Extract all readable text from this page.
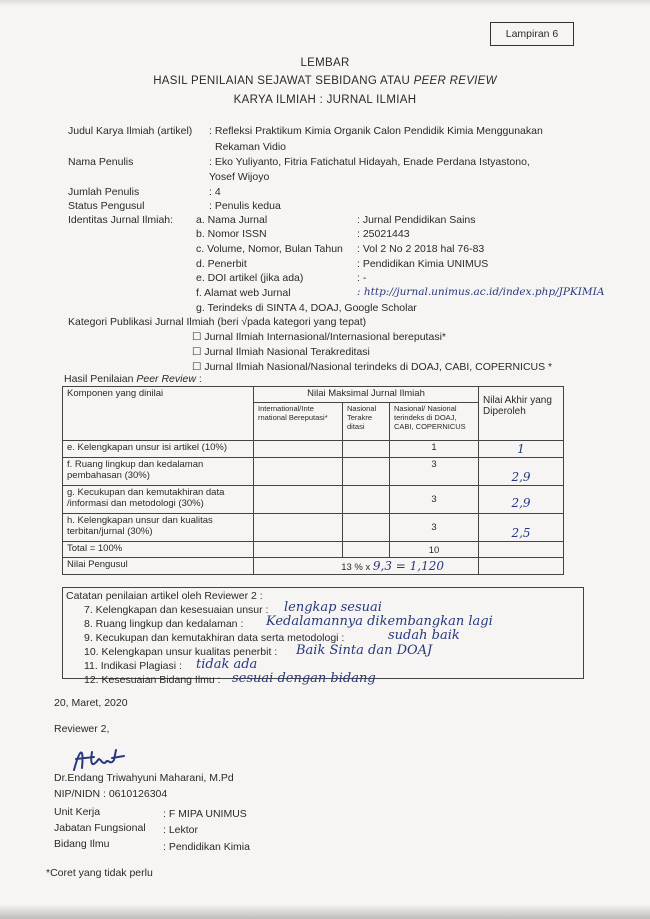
Lampiran 6
LEMBAR
HASIL PENILAIAN SEJAWAT SEBIDANG ATAU PEER REVIEW
KARYA ILMIAH : JURNAL ILMIAH
Judul Karya Ilmiah (artikel) : Refleksi Praktikum Kimia Organik Calon Pendidik Kimia Menggunakan
Rekaman Vidio
Nama Penulis	: Eko Yuliyanto, Fitria Fatichatul Hidayah, Enade Perdana Istyastono,
Yosef Wijoyo
Jumlah Penulis	: 4
Status Pengusul	: Penulis kedua
Identitas Jurnal Ilmiah: a. Nama Jurnal	: Jurnal Pendidikan Sains
b. Nomor ISSN	: 25021443
c. Volume, Nomor, Bulan Tahun : Vol 2 No 2 2018 hal 76-83
d. Penerbit	: Pendidikan Kimia UNIMUS
e. DOI artikel (jika ada)	: -
f. Alamat web Jurnal	: http://jurnal.unimus.ac.id/index.php/JPKIMIA
g. Terindeks di SINTA 4, DOAJ, Google Scholar
Kategori Publikasi Jurnal Ilmiah (beri √pada kategori yang tepat)
☐ Jurnal Ilmiah Internasional/Internasional bereputasi*
☐ Jurnal Ilmiah Nasional Terakreditasi
☐ Jurnal Ilmiah Nasional/Nasional terindeks di DOAJ, CABI, COPERNICUS *
Hasil Penilaian Peer Review :
Komponen yang dinilai	Nilai Maksimal Jurnal Ilmiah			Nilai Akhir yang Diperoleh
	International/Inte rnational Bereputasi*	Nasional Terakre ditasi	Nasional/ Nasional terindeks di DOAJ, CABI, COPERNICUS	
e. Kelengkapan unsur isi artikel (10%)			1	1
f. Ruang lingkup dan kedalaman pembahasan (30%)			3	2,9
g. Kecukupan dan kemutakhiran data /informasi dan metodologi (30%)			3	2,9
h. Kelengkapan unsur dan kualitas terbitan/jurnal (30%)			3	2,5
Total = 100%			10	
Nilai Pengusul	13 % x 9,3 = 1,120			
Catatan penilaian artikel oleh Reviewer 2 :
7. Kelengkapan dan kesesuaian unsur : lengkap sesuai
8. Ruang lingkup dan kedalaman : Kedalamannya dikembangkan lagi
9. Kecukupan dan kemutakhiran data serta metodologi :	sudah baik
10. Kelengkapan unsur kualitas penerbit : Baik Sinta dan DOAJ
11. Indikasi Plagiasi : tidak ada
12. Kesesuaian Bidang Ilmu : sesuai dengan bidang
20, Maret, 2020
Reviewer 2,
Dr.Endang Triwahyuni Maharani, M.Pd
NIP/NIDN : 0610126304
Unit Kerja	: F MIPA UNIMUS
Jabatan Fungsional : Lektor
Bidang Ilmu	: Pendidikan Kimia
*Coret yang tidak perlu
